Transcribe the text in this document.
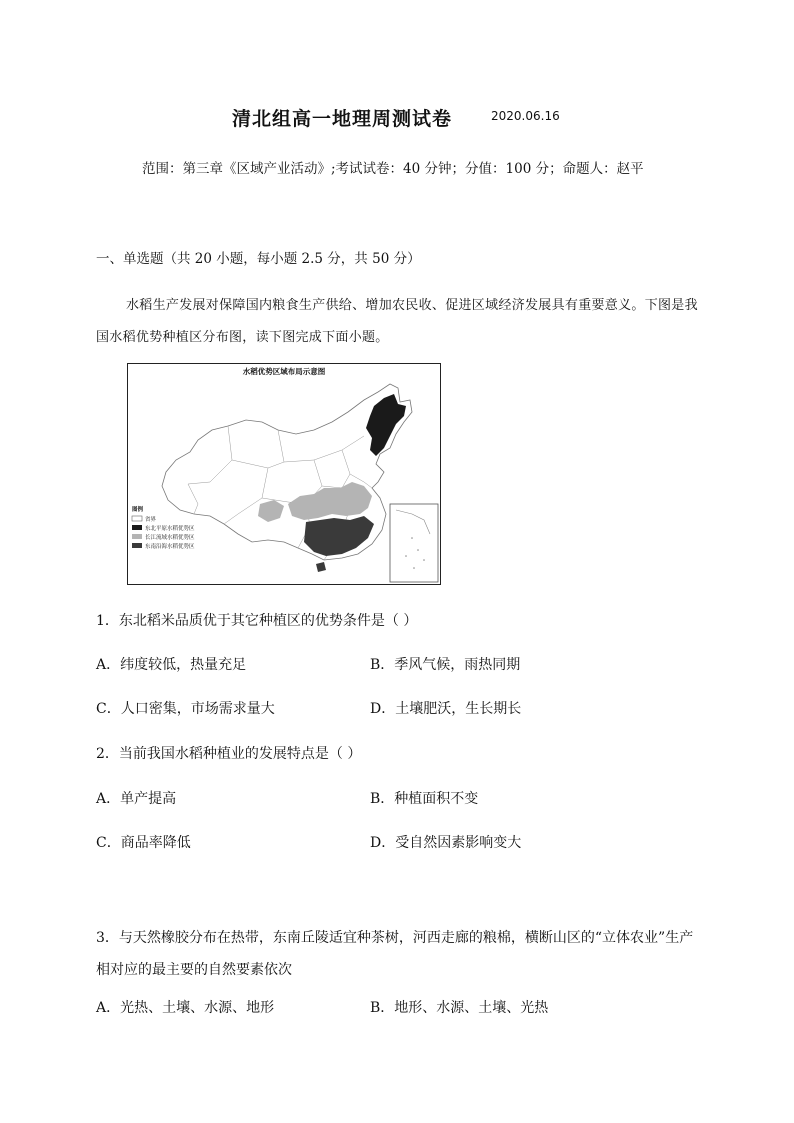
清北组高一地理周测试卷	2020.06.16
范围：第三章《区域产业活动》;考试试卷：40 分钟；分值：100 分；命题人：赵平
一、单选题（共 20 小题，每小题 2.5 分，共 50 分）
水稻生产发展对保障国内粮食生产供给、增加农民收、促进区域经济发展具有重要意义。下图是我国水稻优势种植区分布图，读下图完成下面小题。
水稻优势区域布局示意图
图例
省界
东北平原水稻优势区
长江流域水稻优势区
东南沿海水稻优势区
1．东北稻米品质优于其它种植区的优势条件是（ ）
A．纬度较低，热量充足	B．季风气候，雨热同期
C．人口密集，市场需求量大	D．土壤肥沃，生长期长
2．当前我国水稻种植业的发展特点是（ ）
A．单产提高	B．种植面积不变
C．商品率降低	D．受自然因素影响变大
3．与天然橡胶分布在热带，东南丘陵适宜种茶树，河西走廊的粮棉，横断山区的“立体农业”生产相对应的最主要的自然要素依次
A．光热、土壤、水源、地形	B．地形、水源、土壤、光热
